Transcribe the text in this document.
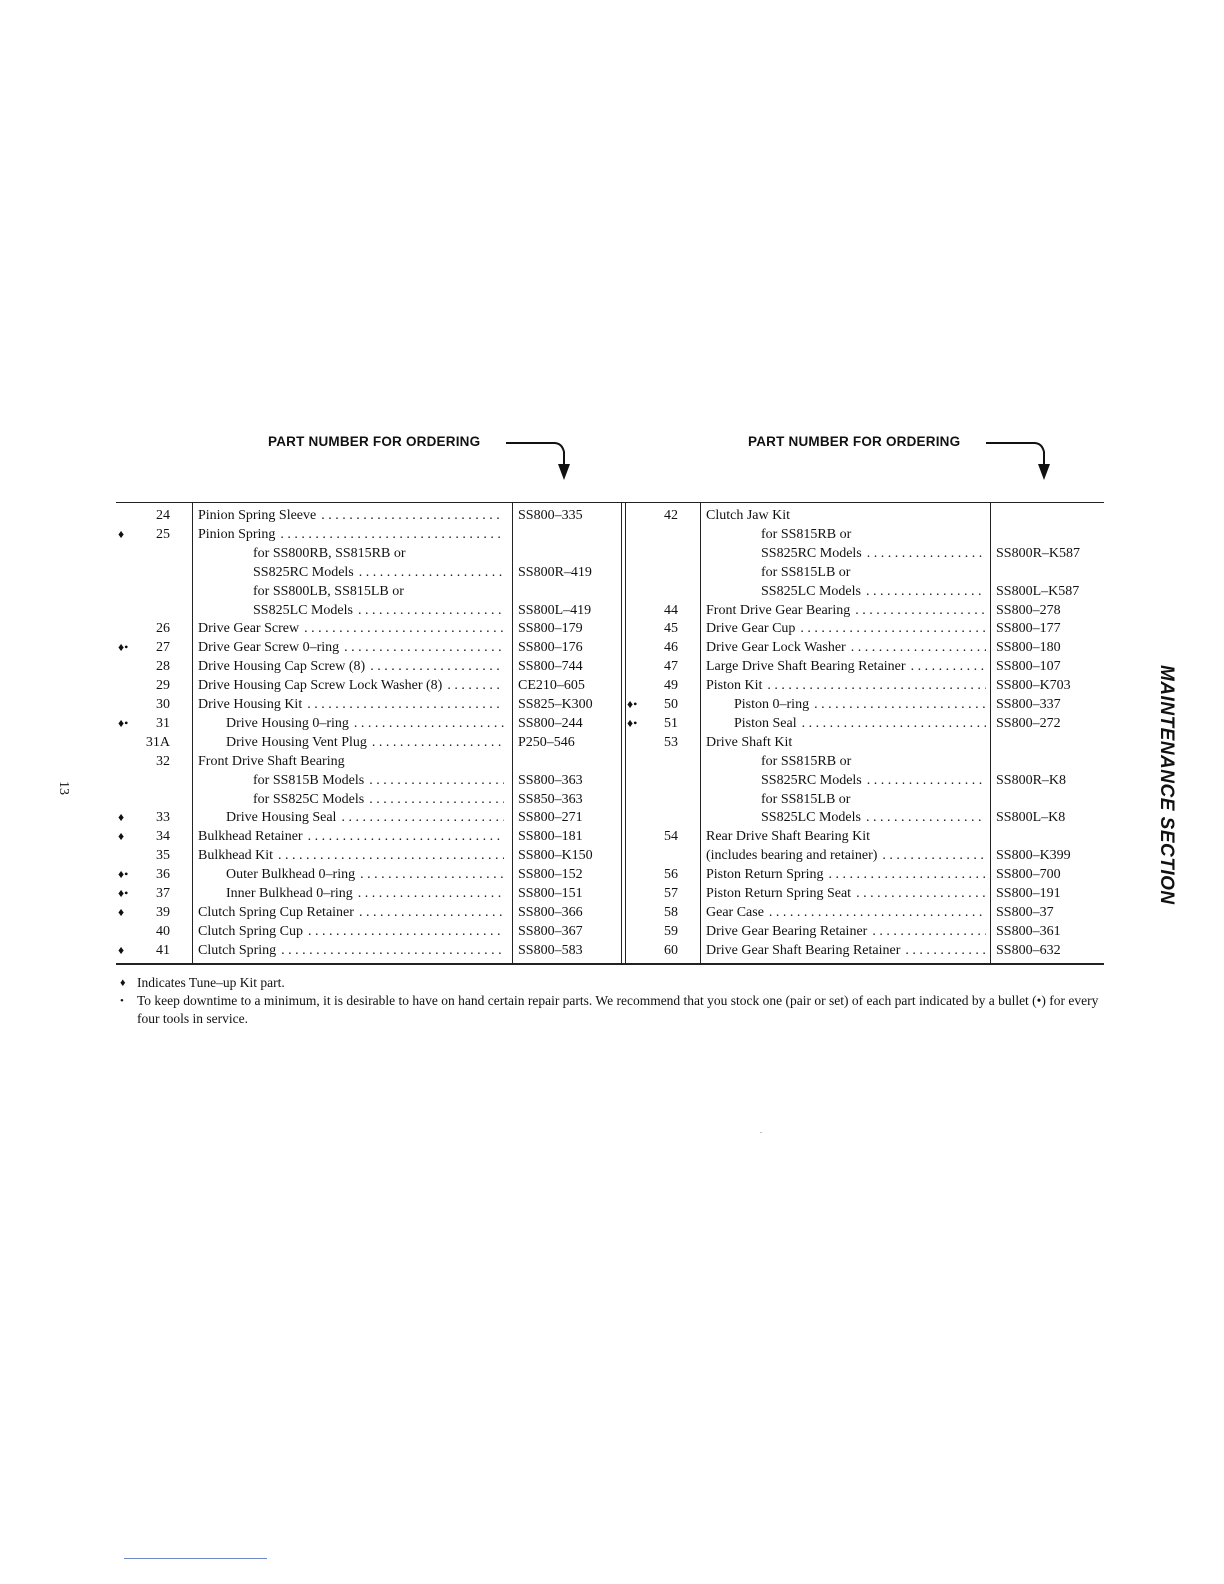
PART NUMBER FOR ORDERING	PART NUMBER FOR ORDERING
24 Pinion Spring Sleeve . . .	SS800–335
♦	25 Pinion Spring
. . .
for SS800RB, SS815RB or
SS825RC Models . . .	SS800R–419
for SS800LB, SS815LB or
SS825LC Models . . .	SS800L–419
26 Drive Gear Screw . . .	SS800–179
♦•	27 Drive Gear Screw 0–ring . . .	SS800–176
28 Drive Housing Cap Screw (8) . . .	SS800–744
29 Drive Housing Cap Screw Lock Washer (8) . . .	CE210–605
30 Drive Housing Kit . . .	SS825–K300
♦•	31	Drive Housing 0–ring . . .	SS800–244
31A	Drive Housing Vent Plug . . .	P250–546
32 Front Drive Shaft Bearing
for SS815B Models . . .	SS800–363
for SS825C Models . . .	SS850–363
♦	33	Drive Housing Seal . . .	SS800–271
♦	34 Bulkhead Retainer . . .	SS800–181
35 Bulkhead Kit . . .	SS800–K150
♦•	36	Outer Bulkhead 0–ring . . .	SS800–152
♦•	37	Inner Bulkhead 0–ring . . .	SS800–151
♦	39 Clutch Spring Cup Retainer . . .	SS800–366
40 Clutch Spring Cup . . .	SS800–367
♦	41 Clutch Spring . . .	SS800–583
42 Clutch Jaw Kit
for SS815RB or
SS825RC Models . . .	SS800R–K587
for SS815LB or
SS825LC Models . . .	SS800L–K587
44 Front Drive Gear Bearing . . .	SS800–278
45 Drive Gear Cup . . .	SS800–177
46 Drive Gear Lock Washer . . .	SS800–180
47 Large Drive Shaft Bearing Retainer . . .	SS800–107
49 Piston Kit . . .	SS800–K703
♦•	50	Piston 0–ring . . .	SS800–337
♦•	51	Piston Seal . . .	SS800–272
53 Drive Shaft Kit
for SS815RB or
SS825RC Models . . .	SS800R–K8
for SS815LB or
SS825LC Models . . .	SS800L–K8
54 Rear Drive Shaft Bearing Kit
(includes bearing and retainer) . . .	SS800–K399
56 Piston Return Spring . . .	SS800–700
57 Piston Return Spring Seat . . .	SS800–191
58 Gear Case . . .	SS800–37
59 Drive Gear Bearing Retainer . . .	SS800–361
60 Drive Gear Shaft Bearing Retainer . . .	SS800–632
♦ Indicates Tune–up Kit part.
• To keep downtime to a minimum, it is desirable to have on hand certain repair parts. We recommend that you stock one (pair or set) of each part indicated by a bullet (•) for every four tools in service.
13	MAINTENANCE SECTION
